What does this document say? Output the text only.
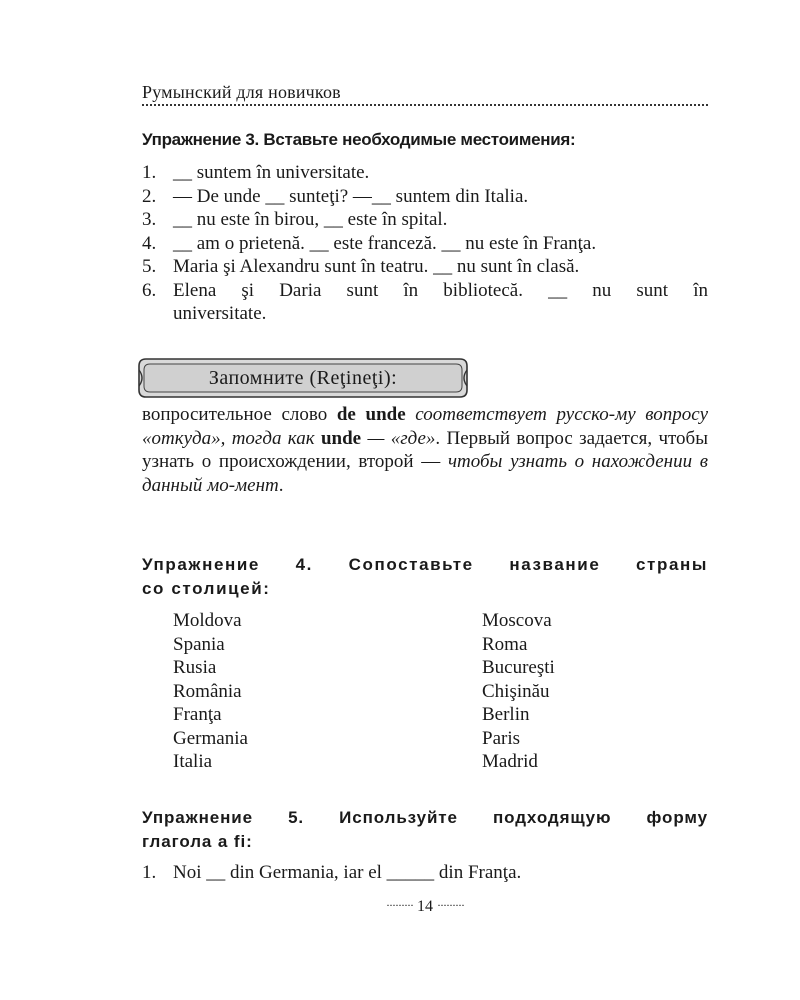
Румынский для новичков

Упражнение 3. Вставьте необходимые местоимения:

1. __ suntem în universitate.
2. — De unde __ sunteţi? —__ suntem din Italia.
3. __ nu este în birou, __ este în spital.
4. __ am o prietenă. __ este franceză. __ nu este în Franţa.
5. Maria şi Alexandru sunt în teatru. __ nu sunt în clasă.
6. Elena şi Daria sunt în bibliotecă. __ nu sunt în
universitate.
Запомните (Reţineţi):

вопросительное слово de unde соответствует русско-му вопросу «откуда», тогда как unde — «где». Первый вопрос задается, чтобы узнать о происхождении, второй — чтобы узнать о нахождении в данный мо-мент.

Упражнение 4. Сопоставьте название страны
со столицей:

Moldova
Spania
Rusia
România
Franţa
Germania
Italia
Moscova
Roma
Bucureşti
Chişinău
Berlin
Paris
Madrid

Упражнение 5. Используйте подходящую форму
глагола a fi:

1. Noi __ din Germania, iar el _____ din Franţa.
········· 14 ·········
